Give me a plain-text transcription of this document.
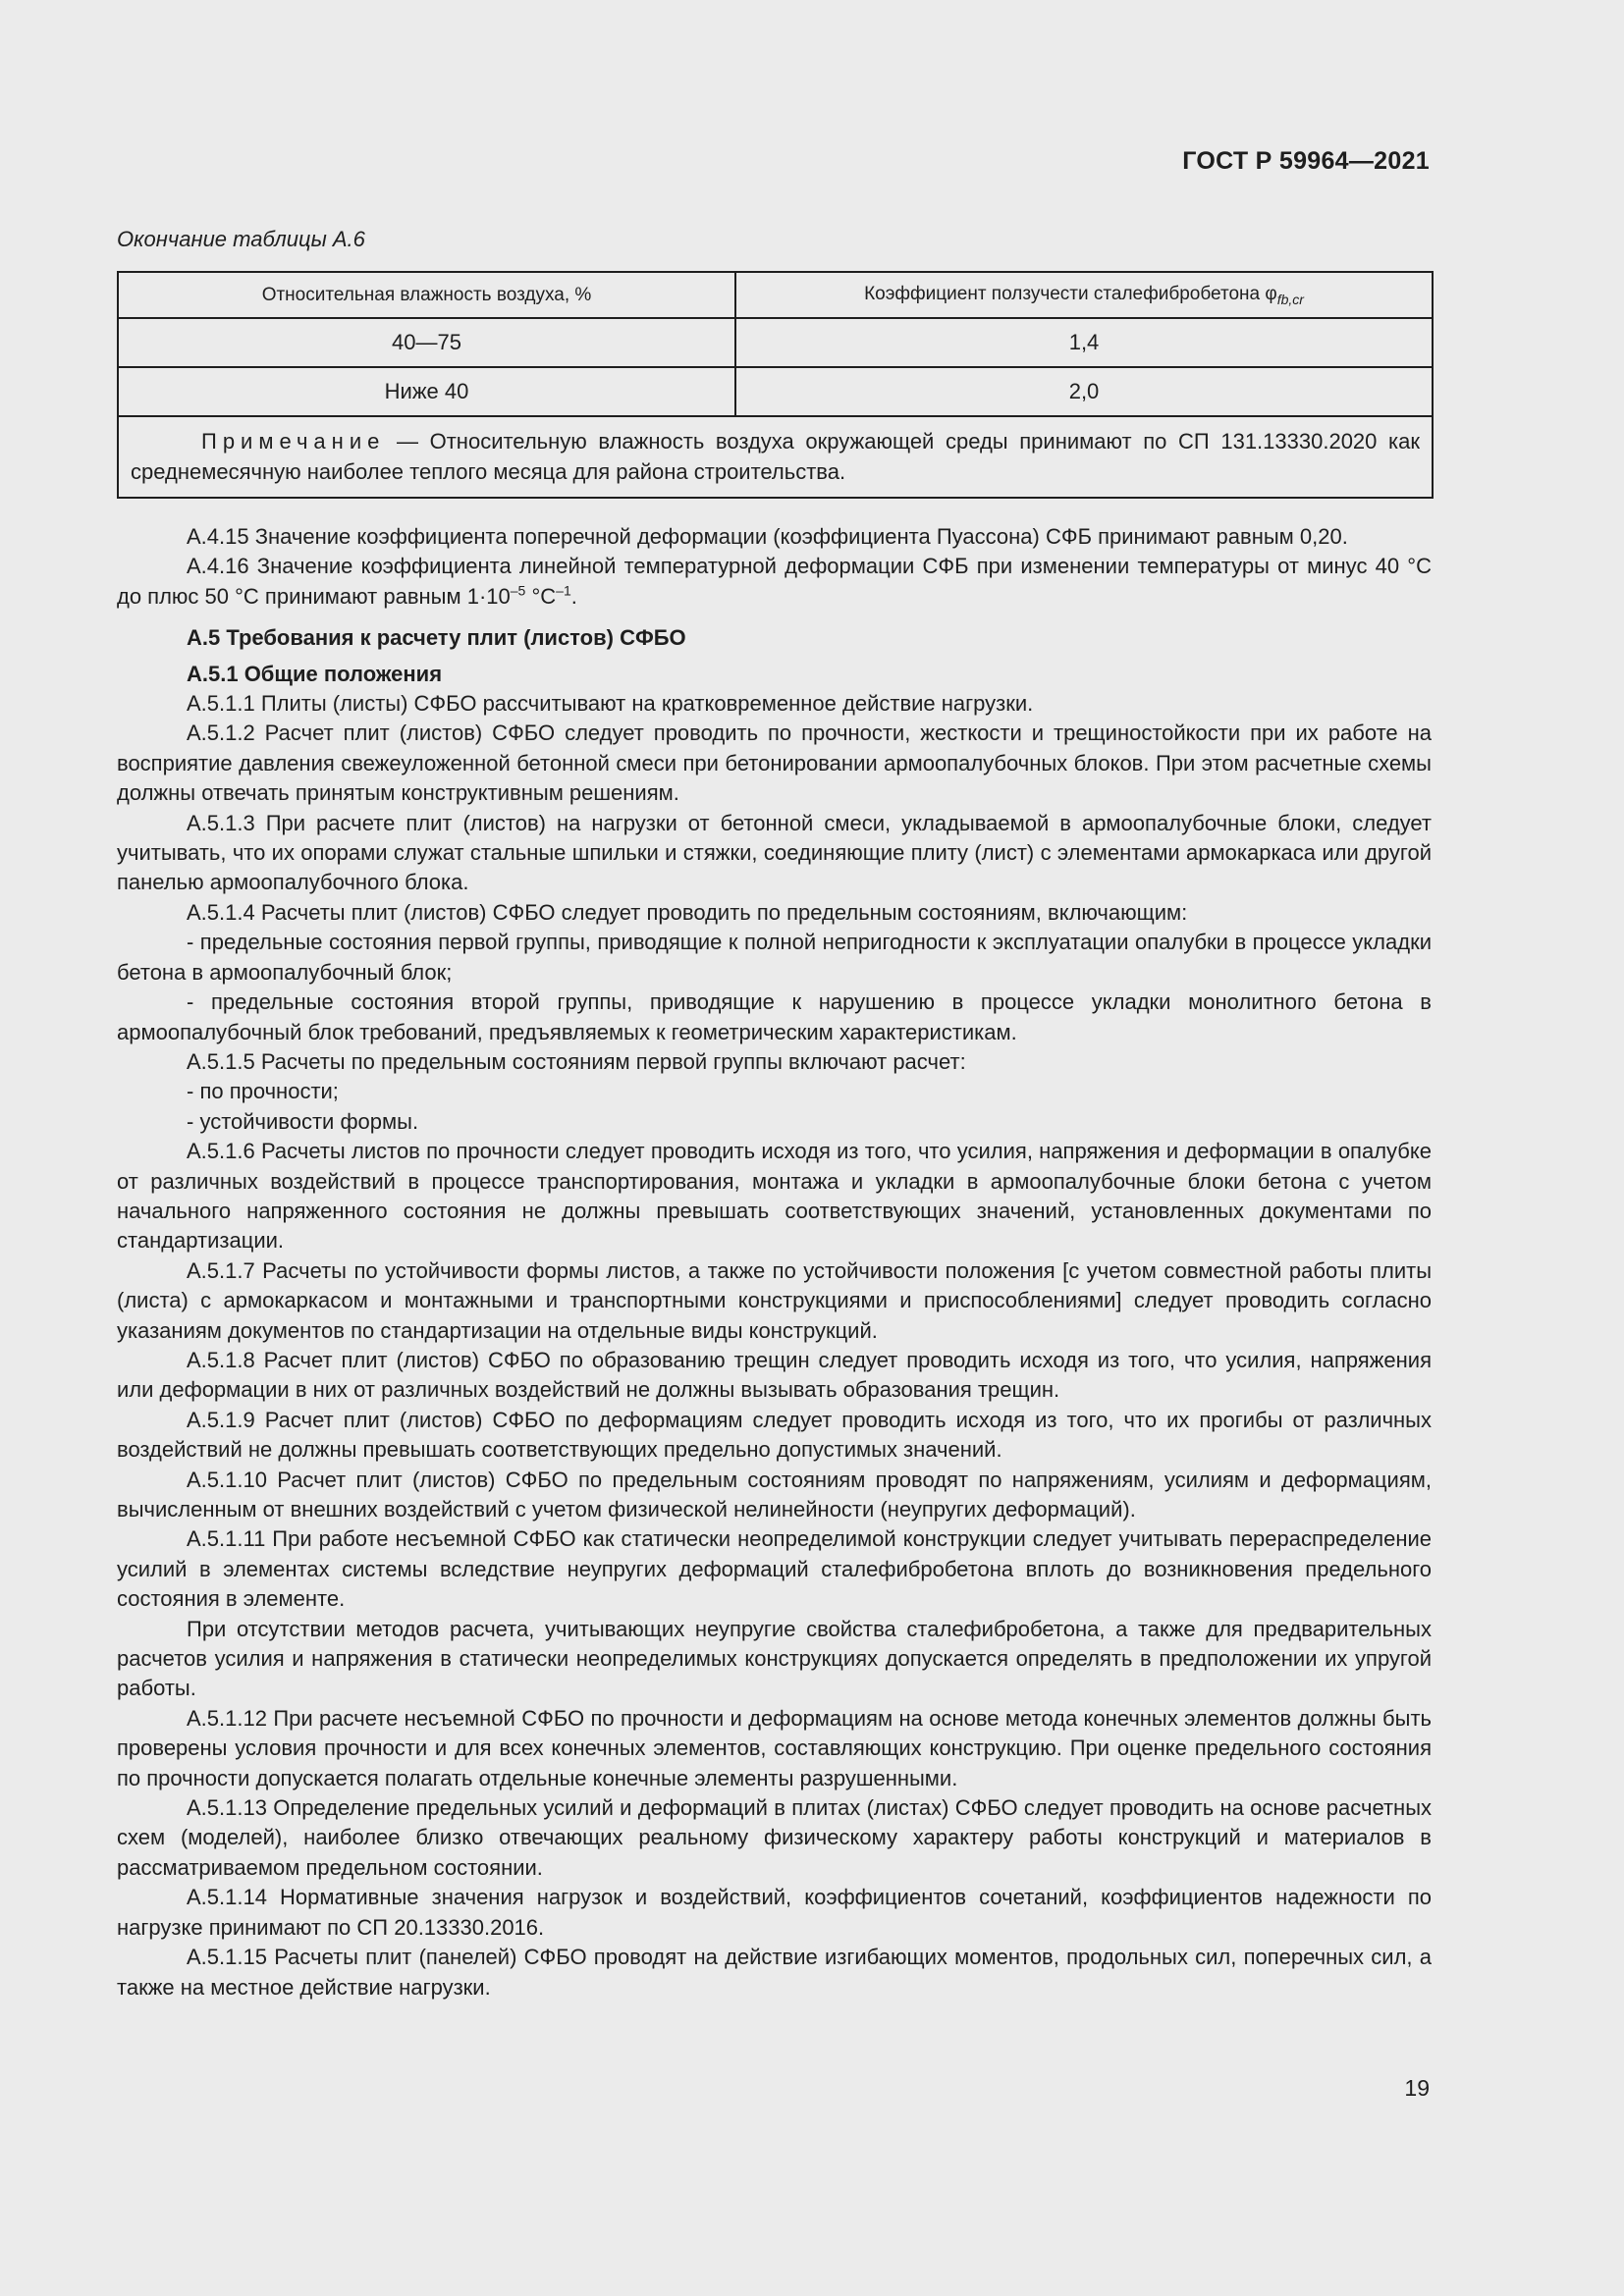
ГОСТ Р 59964—2021
Окончание таблицы А.6
Относительная влажность воздуха, %	Коэффициент ползучести сталефибробетона $\varphi_{fb,cr}$
40—75	1,4
Ниже 40	2,0
Примечание — Относительную влажность воздуха окружающей среды принимают по СП 131.13330.2020 как среднемесячную наиболее теплого месяца для района строительства.	

А.4.15 Значение коэффициента поперечной деформации (коэффициента Пуассона) СФБ принимают равным 0,20.

А.4.16 Значение коэффициента линейной температурной деформации СФБ при изменении температуры от минус 40 °С до плюс 50 °С принимают равным $1\cdot 10^{-5}$ $^\circ С^{-1}$.

А.5 Требования к расчету плит (листов) СФБО

А.5.1 Общие положения

А.5.1.1 Плиты (листы) СФБО рассчитывают на кратковременное действие нагрузки.

А.5.1.2 Расчет плит (листов) СФБО следует проводить по прочности, жесткости и трещиностойкости при их работе на восприятие давления свежеуложенной бетонной смеси при бетонировании армоопалубочных блоков. При этом расчетные схемы должны отвечать принятым конструктивным решениям.

А.5.1.3 При расчете плит (листов) на нагрузки от бетонной смеси, укладываемой в армоопалубочные блоки, следует учитывать, что их опорами служат стальные шпильки и стяжки, соединяющие плиту (лист) с элементами армокаркаса или другой панелью армоопалубочного блока.

А.5.1.4 Расчеты плит (листов) СФБО следует проводить по предельным состояниям, включающим:

- предельные состояния первой группы, приводящие к полной непригодности к эксплуатации опалубки в процессе укладки бетона в армоопалубочный блок;

- предельные состояния второй группы, приводящие к нарушению в процессе укладки монолитного бетона в армоопалубочный блок требований, предъявляемых к геометрическим характеристикам.

А.5.1.5 Расчеты по предельным состояниям первой группы включают расчет:

- по прочности;

- устойчивости формы.

А.5.1.6 Расчеты листов по прочности следует проводить исходя из того, что усилия, напряжения и деформации в опалубке от различных воздействий в процессе транспортирования, монтажа и укладки в армоопалубочные блоки бетона с учетом начального напряженного состояния не должны превышать соответствующих значений, установленных документами по стандартизации.

А.5.1.7 Расчеты по устойчивости формы листов, а также по устойчивости положения [с учетом совместной работы плиты (листа) с армокаркасом и монтажными и транспортными конструкциями и приспособлениями] следует проводить согласно указаниям документов по стандартизации на отдельные виды конструкций.

А.5.1.8 Расчет плит (листов) СФБО по образованию трещин следует проводить исходя из того, что усилия, напряжения или деформации в них от различных воздействий не должны вызывать образования трещин.

А.5.1.9 Расчет плит (листов) СФБО по деформациям следует проводить исходя из того, что их прогибы от различных воздействий не должны превышать соответствующих предельно допустимых значений.

А.5.1.10 Расчет плит (листов) СФБО по предельным состояниям проводят по напряжениям, усилиям и деформациям, вычисленным от внешних воздействий с учетом физической нелинейности (неупругих деформаций).

А.5.1.11 При работе несъемной СФБО как статически неопределимой конструкции следует учитывать перераспределение усилий в элементах системы вследствие неупругих деформаций сталефибробетона вплоть до возникновения предельного состояния в элементе.

При отсутствии методов расчета, учитывающих неупругие свойства сталефибробетона, а также для предварительных расчетов усилия и напряжения в статически неопределимых конструкциях допускается определять в предположении их упругой работы.

А.5.1.12 При расчете несъемной СФБО по прочности и деформациям на основе метода конечных элементов должны быть проверены условия прочности и для всех конечных элементов, составляющих конструкцию. При оценке предельного состояния по прочности допускается полагать отдельные конечные элементы разрушенными.

А.5.1.13 Определение предельных усилий и деформаций в плитах (листах) СФБО следует проводить на основе расчетных схем (моделей), наиболее близко отвечающих реальному физическому характеру работы конструкций и материалов в рассматриваемом предельном состоянии.

А.5.1.14 Нормативные значения нагрузок и воздействий, коэффициентов сочетаний, коэффициентов надежности по нагрузке принимают по СП 20.13330.2016.

А.5.1.15 Расчеты плит (панелей) СФБО проводят на действие изгибающих моментов, продольных сил, поперечных сил, а также на местное действие нагрузки.

19
